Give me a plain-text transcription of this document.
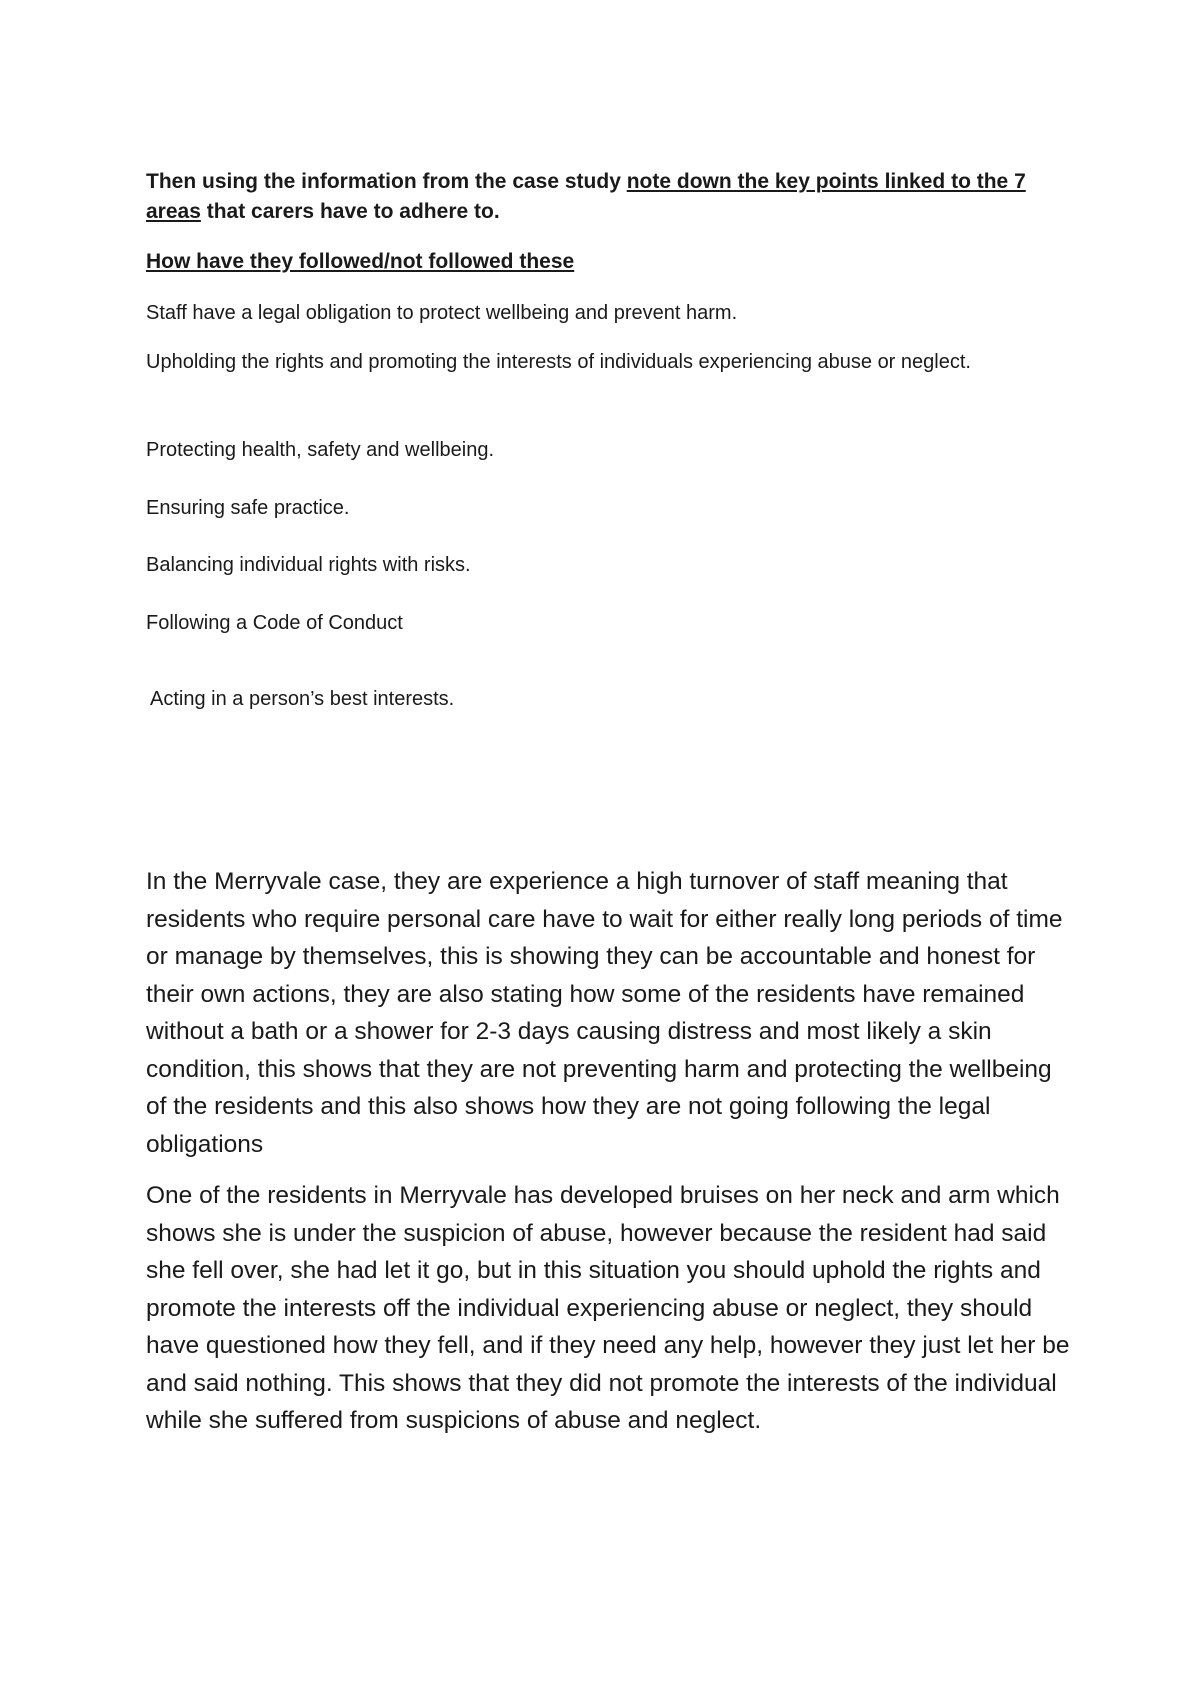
Then using the information from the case study note down the key points linked to the 7 areas that carers have to adhere to.

How have they followed/not followed these

Staff have a legal obligation to protect wellbeing and prevent harm.
Upholding the rights and promoting the interests of individuals experiencing abuse or neglect.
Protecting health, safety and wellbeing.
Ensuring safe practice.
Balancing individual rights with risks.
Following a Code of Conduct
Acting in a person’s best interests.

In the Merryvale case, they are experience a high turnover of staff meaning that residents who require personal care have to wait for either really long periods of time or manage by themselves, this is showing they can be accountable and honest for their own actions, they are also stating how some of the residents have remained without a bath or a shower for 2-3 days causing distress and most likely a skin condition, this shows that they are not preventing harm and protecting the wellbeing of the residents and this also shows how they are not going following the legal obligations

One of the residents in Merryvale has developed bruises on her neck and arm which shows she is under the suspicion of abuse, however because the resident had said she fell over, she had let it go, but in this situation you should uphold the rights and promote the interests off the individual experiencing abuse or neglect, they should have questioned how they fell, and if they need any help, however they just let her be and said nothing. This shows that they did not promote the interests of the individual while she suffered from suspicions of abuse and neglect.
